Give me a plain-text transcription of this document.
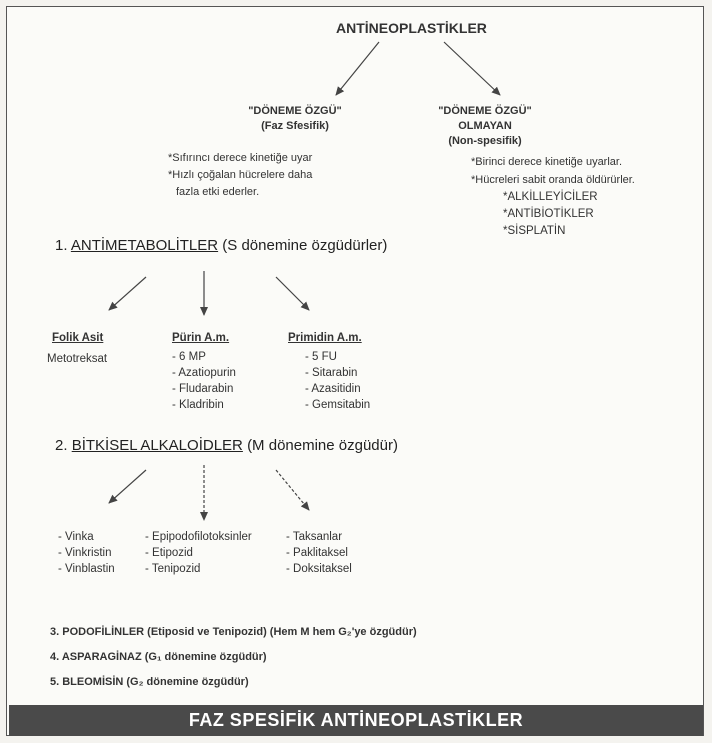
ANTİNEOPLASTİKLER
"DÖNEME ÖZGÜ"
(Faz Sfesifik)
*Sıfırıncı derece kinetiğe uyar
*Hızlı çoğalan hücrelere daha
fazla etki ederler.
"DÖNEME ÖZGÜ"
OLMAYAN
(Non-spesifik)
*Birinci derece kinetiğe uyarlar.
*Hücreleri sabit oranda öldürürler.
*ALKİLLEYİCİLER
*ANTİBİOTİKLER
*SİSPLATİN
1. ANTİMETABOLİTLER (S dönemine özgüdürler)
Folik Asit
Metotreksat
Pürin A.m.
- 6 MP
- Azatiopurin
- Fludarabin
- Kladribin
Primidin A.m.
- 5 FU
- Sitarabin
- Azasitidin
- Gemsitabin
2. BİTKİSEL ALKALOİDLER (M dönemine özgüdür)
- Vinka
- Vinkristin
- Vinblastin
- Epipodofilotoksinler
- Etipozid
- Tenipozid
- Taksanlar
- Paklitaksel
- Doksitaksel
3. PODOFİLİNLER (Etiposid ve Tenipozid) (Hem M hem G₂'ye özgüdür)
4. ASPARAGİNAZ (G₁ dönemine özgüdür)
5. BLEOMİSİN (G₂ dönemine özgüdür)
FAZ SPESİFİK ANTİNEOPLASTİKLER
